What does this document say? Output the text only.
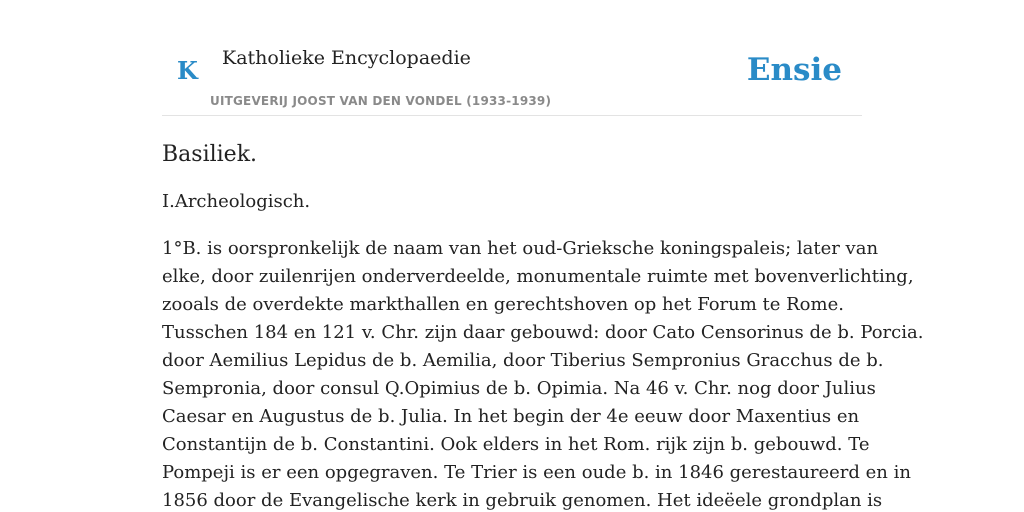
K Katholieke Encyclopaedie
UITGEVERIJ JOOST VAN DEN VONDEL (1933-1939)
Ensie
Basiliek.

I.Archeologisch.

1°B. is oorspronkelijk de naam van het oud-Grieksche koningspaleis; later van
elke, door zuilenrijen onderverdeelde, monumentale ruimte met bovenverlichting,
zooals de overdekte markthallen en gerechtshoven op het Forum te Rome.
Tusschen 184 en 121 v. Chr. zijn daar gebouwd: door Cato Censorinus de b. Porcia.
door Aemilius Lepidus de b. Aemilia, door Tiberius Sempronius Gracchus de b.
Sempronia, door consul Q.Opimius de b. Opimia. Na 46 v. Chr. nog door Julius
Caesar en Augustus de b. Julia. In het begin der 4e eeuw door Maxentius en
Constantijn de b. Constantini. Ook elders in het Rom. rijk zijn b. gebouwd. Te
Pompeji is er een opgegraven. Te Trier is een oude b. in 1846 gerestaureerd en in
1856 door de Evangelische kerk in gebruik genomen. Het ideëele grondplan is
